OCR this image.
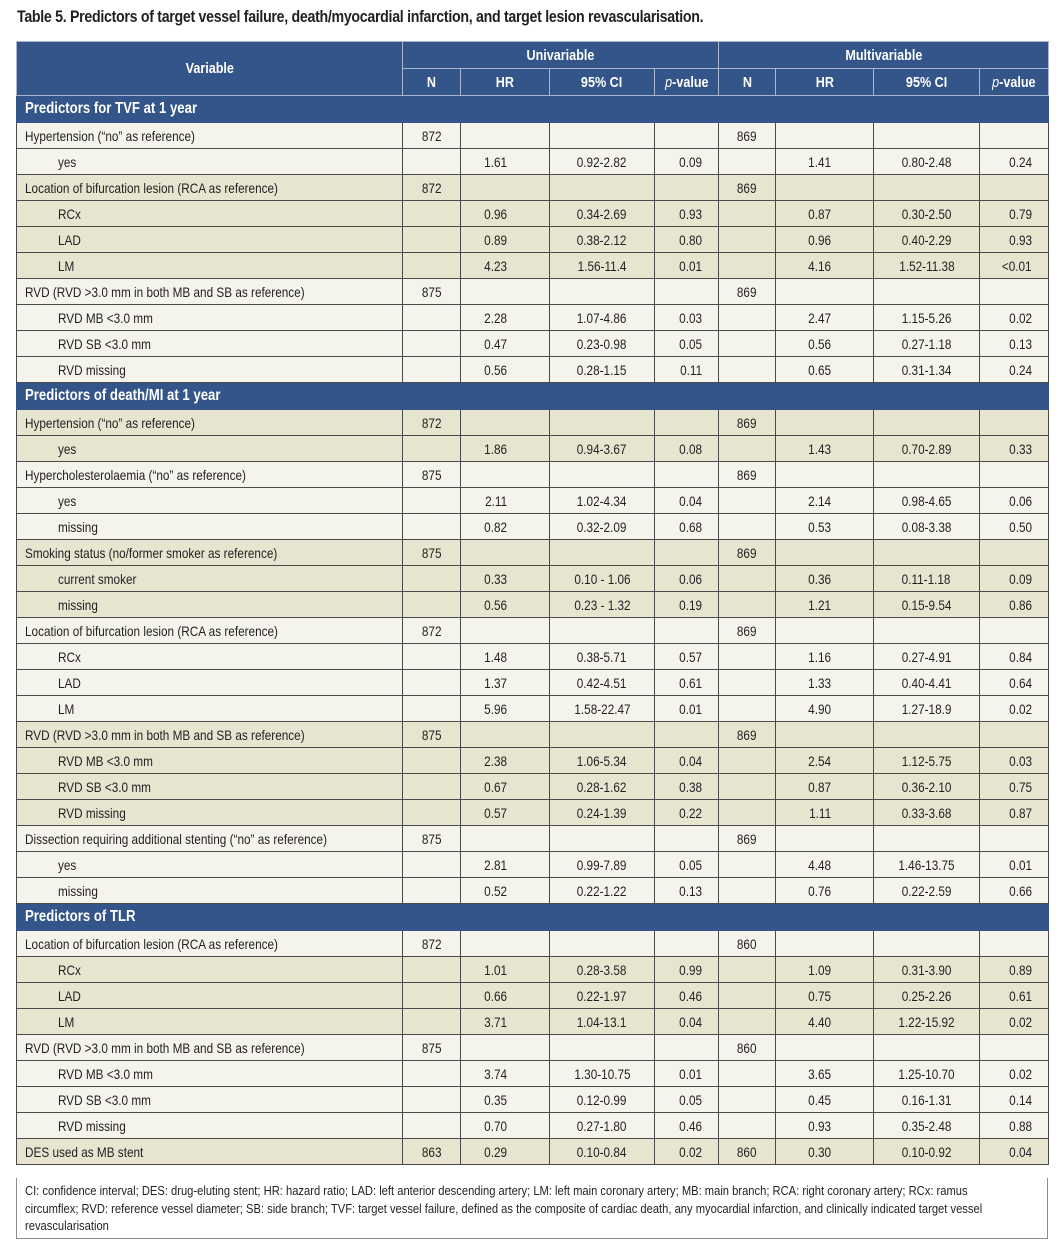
Table 5. Predictors of target vessel failure, death/myocardial infarction, and target lesion revascularisation.
Variable	Univariable				Multivariable			
	N	HR	95% CI	p-value	N	HR	95% CI	p-value
Predictors for TVF at 1 year								
Hypertension (“no” as reference)	872				869			
yes		1.61	0.92-2.82	0.09		1.41	0.80-2.48	0.24
Location of bifurcation lesion (RCA as reference)	872				869			
RCx		0.96	0.34-2.69	0.93		0.87	0.30-2.50	0.79
LAD		0.89	0.38-2.12	0.80		0.96	0.40-2.29	0.93
LM		4.23	1.56-11.4	0.01		4.16	1.52-11.38	<0.01
RVD (RVD >3.0 mm in both MB and SB as reference)	875				869			
RVD MB <3.0 mm		2.28	1.07-4.86	0.03		2.47	1.15-5.26	0.02
RVD SB <3.0 mm		0.47	0.23-0.98	0.05		0.56	0.27-1.18	0.13
RVD missing		0.56	0.28-1.15	0.11		0.65	0.31-1.34	0.24
Predictors of death/MI at 1 year								
Hypertension (“no” as reference)	872				869			
yes		1.86	0.94-3.67	0.08		1.43	0.70-2.89	0.33
Hypercholesterolaemia (“no” as reference)	875				869			
yes		2.11	1.02-4.34	0.04		2.14	0.98-4.65	0.06
missing		0.82	0.32-2.09	0.68		0.53	0.08-3.38	0.50
Smoking status (no/former smoker as reference)	875				869			
current smoker		0.33	0.10 - 1.06	0.06		0.36	0.11-1.18	0.09
missing		0.56	0.23 - 1.32	0.19		1.21	0.15-9.54	0.86
Location of bifurcation lesion (RCA as reference)	872				869			
RCx		1.48	0.38-5.71	0.57		1.16	0.27-4.91	0.84
LAD		1.37	0.42-4.51	0.61		1.33	0.40-4.41	0.64
LM		5.96	1.58-22.47	0.01		4.90	1.27-18.9	0.02
RVD (RVD >3.0 mm in both MB and SB as reference)	875				869			
RVD MB <3.0 mm		2.38	1.06-5.34	0.04		2.54	1.12-5.75	0.03
RVD SB <3.0 mm		0.67	0.28-1.62	0.38		0.87	0.36-2.10	0.75
RVD missing		0.57	0.24-1.39	0.22		1.11	0.33-3.68	0.87
Dissection requiring additional stenting (“no” as reference)	875				869			
yes		2.81	0.99-7.89	0.05		4.48	1.46-13.75	0.01
missing		0.52	0.22-1.22	0.13		0.76	0.22-2.59	0.66
Predictors of TLR								
Location of bifurcation lesion (RCA as reference)	872				860			
RCx		1.01	0.28-3.58	0.99		1.09	0.31-3.90	0.89
LAD		0.66	0.22-1.97	0.46		0.75	0.25-2.26	0.61
LM		3.71	1.04-13.1	0.04		4.40	1.22-15.92	0.02
RVD (RVD >3.0 mm in both MB and SB as reference)	875				860			
RVD MB <3.0 mm		3.74	1.30-10.75	0.01		3.65	1.25-10.70	0.02
RVD SB <3.0 mm		0.35	0.12-0.99	0.05		0.45	0.16-1.31	0.14
RVD missing		0.70	0.27-1.80	0.46		0.93	0.35-2.48	0.88
DES used as MB stent	863	0.29	0.10-0.84	0.02	860	0.30	0.10-0.92	0.04
CI: confidence interval; DES: drug-eluting stent; HR: hazard ratio; LAD: left anterior descending artery; LM: left main coronary artery; MB: main branch; RCA: right coronary artery; RCx: ramus circumflex; RVD: reference vessel diameter; SB: side branch; TVF: target vessel failure, defined as the composite of cardiac death, any myocardial infarction, and clinically indicated target vessel revascularisation
